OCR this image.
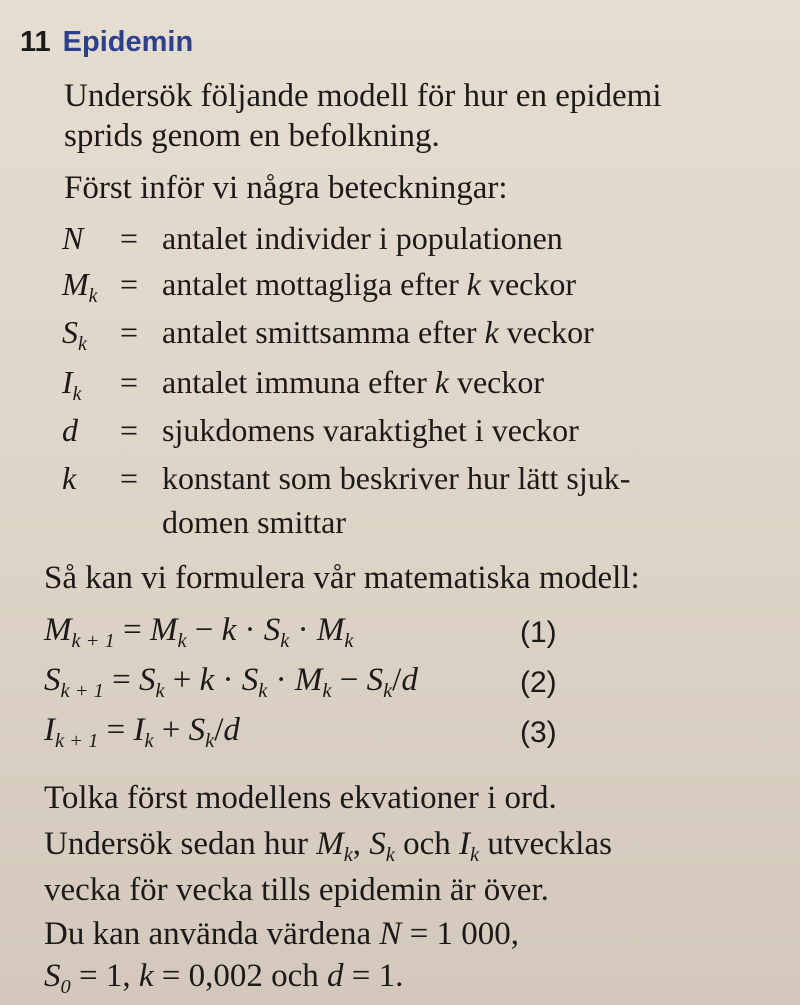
11 Epidemin
Undersök följande modell för hur en epidemi
sprids genom en befolkning.
Först inför vi några beteckningar:
N	= antalet individer i populationen
$M_k$ = antalet mottagliga efter k veckor
$S_k$	= antalet smittsamma efter k veckor
$I_k$	= antalet immuna efter k veckor
d	= sjukdomens varaktighet i veckor
k	= konstant som beskriver hur lätt sjuk-
domen smittar
Så kan vi formulera vår matematiska modell:
$M_{k + 1} = M_k - k \cdot S_k \cdot M_k$	(1)
$S_{k + 1} = S_k + k \cdot S_k \cdot M_k - S_k/d$	(2)
$I_{k + 1} = I_k + S_k/d$	(3)
Tolka först modellens ekvationer i ord.
Undersök sedan hur $M_k$, $S_k$ och $I_k$ utvecklas
vecka för vecka tills epidemin är över.
Du kan använda värdena N = 1 000,
$S_0 = 1$, k = 0,002 och d = 1.
